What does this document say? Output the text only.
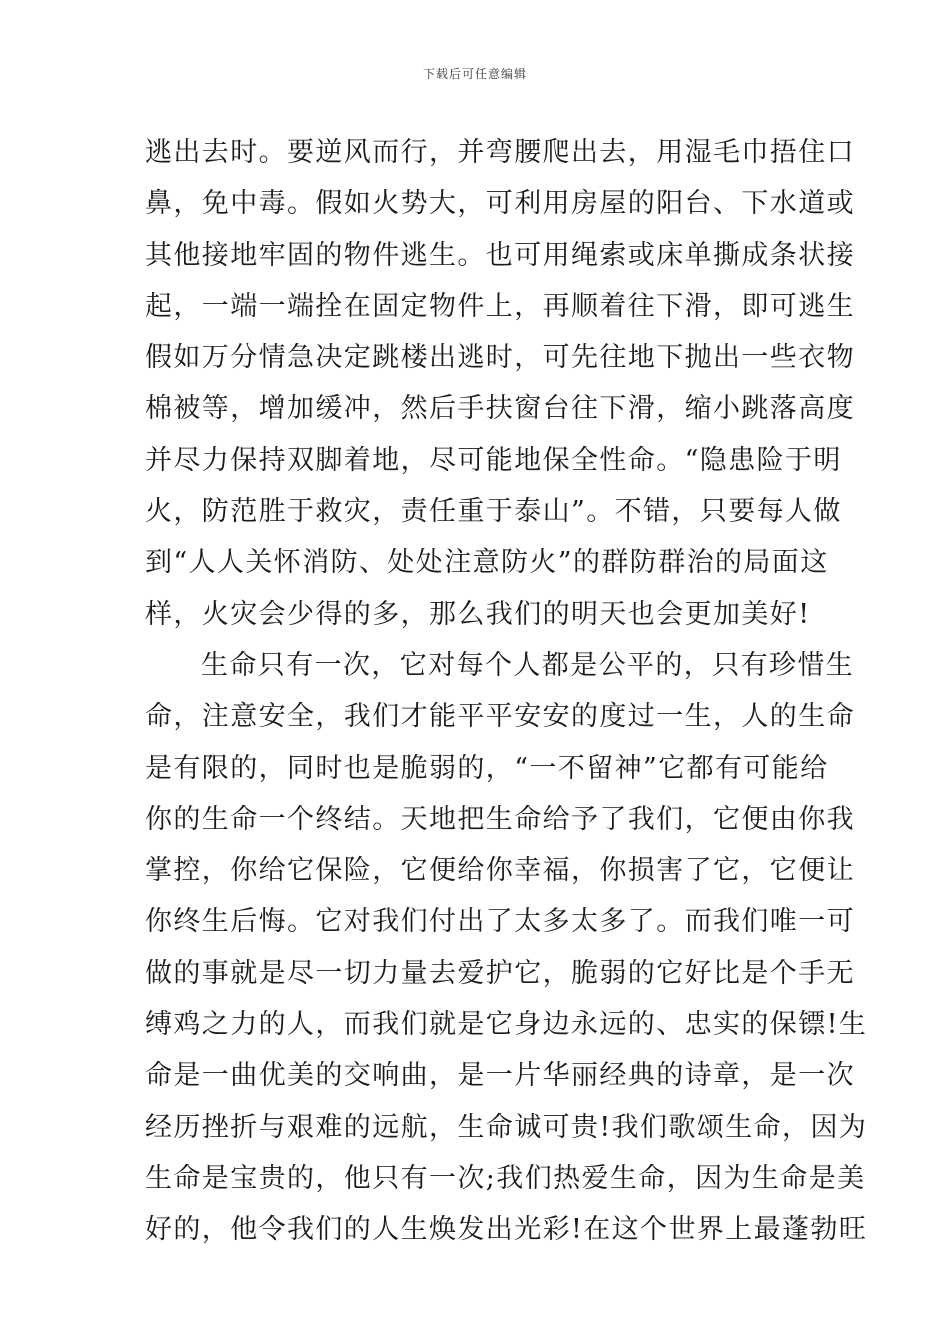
下载后可任意编辑
逃出去时。要逆风而行，并弯腰爬出去，用湿毛巾捂住口
鼻，免中毒。假如火势大，可利用房屋的阳台、下水道或
其他接地牢固的物件逃生。也可用绳索或床单撕成条状接
起，一端一端拴在固定物件上，再顺着往下滑，即可逃生
假如万分情急决定跳楼出逃时，可先往地下抛出一些衣物
棉被等，增加缓冲，然后手扶窗台往下滑，缩小跳落高度
并尽力保持双脚着地，尽可能地保全性命。“隐患险于明
火，防范胜于救灾，责任重于泰山”。不错，只要每人做
到“人人关怀消防、处处注意防火”的群防群治的局面这
样，火灾会少得的多，那么我们的明天也会更加美好!
生命只有一次，它对每个人都是公平的，只有珍惜生
命，注意安全，我们才能平平安安的度过一生，人的生命
是有限的，同时也是脆弱的，“一不留神”它都有可能给
你的生命一个终结。天地把生命给予了我们，它便由你我
掌控，你给它保险，它便给你幸福，你损害了它，它便让
你终生后悔。它对我们付出了太多太多了。而我们唯一可
做的事就是尽一切力量去爱护它，脆弱的它好比是个手无
缚鸡之力的人，而我们就是它身边永远的、忠实的保镖!生
命是一曲优美的交响曲，是一片华丽经典的诗章，是一次
经历挫折与艰难的远航，生命诚可贵!我们歌颂生命，因为
生命是宝贵的，他只有一次;我们热爱生命，因为生命是美
好的，他令我们的人生焕发出光彩!在这个世界上最蓬勃旺
